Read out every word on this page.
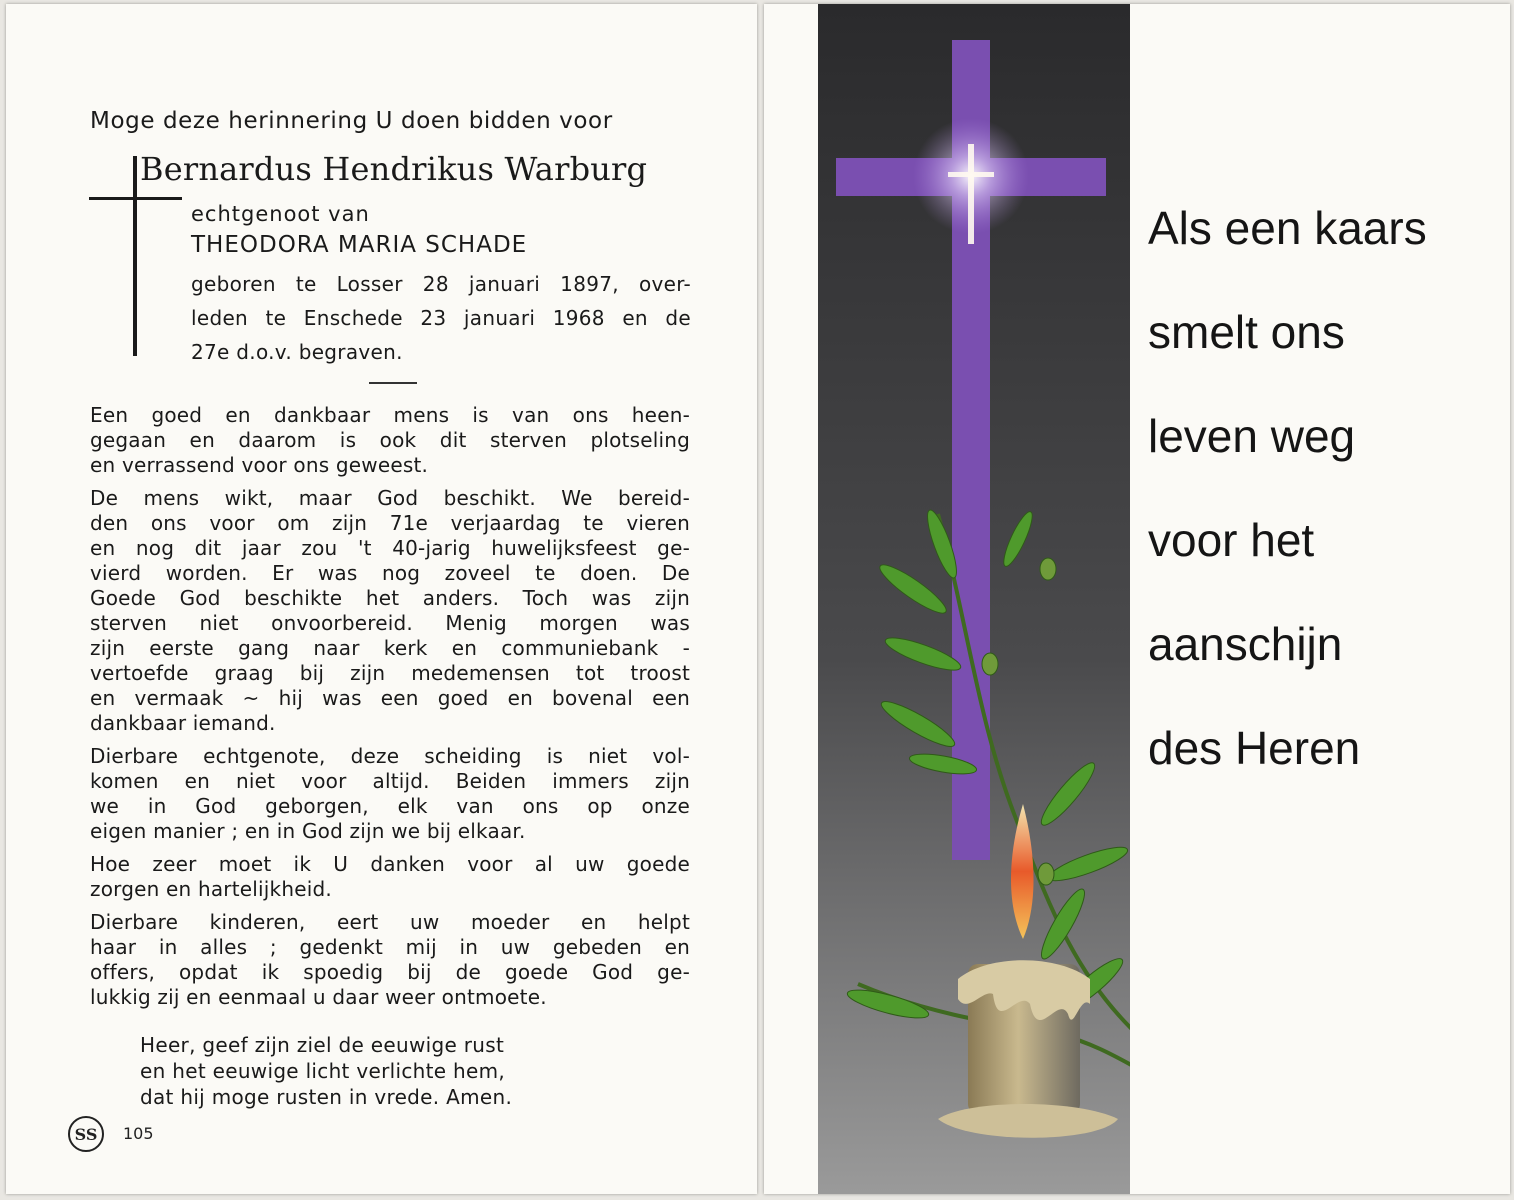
Moge deze herinnering U doen bidden voor
Bernardus Hendrikus Warburg
echtgenoot van
THEODORA MARIA SCHADE
geboren te Losser 28 januari 1897, over-
leden te Enschede 23 januari 1968 en de
27e d.o.v. begraven.
Een goed en dankbaar mens is van ons heen-
gegaan en daarom is ook dit sterven plotseling
en verrassend voor ons geweest.
De mens wikt, maar God beschikt. We bereid-
den ons voor om zijn 71e verjaardag te vieren
en nog dit jaar zou 't 40-jarig huwelijksfeest ge-
vierd worden. Er was nog zoveel te doen. De
Goede God beschikte het anders. Toch was zijn
sterven niet onvoorbereid. Menig morgen was
zijn eerste gang naar kerk en communiebank -
vertoefde graag bij zijn medemensen tot troost
en vermaak ~ hij was een goed en bovenal een
dankbaar iemand.
Dierbare echtgenote, deze scheiding is niet vol-
komen en niet voor altijd. Beiden immers zijn
we in God geborgen, elk van ons op onze
eigen manier ; en in God zijn we bij elkaar.
Hoe zeer moet ik U danken voor al uw goede
zorgen en hartelijkheid.
Dierbare kinderen, eert uw moeder en helpt
haar in alles ; gedenkt mij in uw gebeden en
offers, opdat ik spoedig bij de goede God ge-
lukkig zij en eenmaal u daar weer ontmoete.
Heer, geef zijn ziel de eeuwige rust
en het eeuwige licht verlichte hem,
dat hij moge rusten in vrede. Amen.
SS	105
Als een kaars
smelt ons
leven weg
voor het
aanschijn
des Heren
